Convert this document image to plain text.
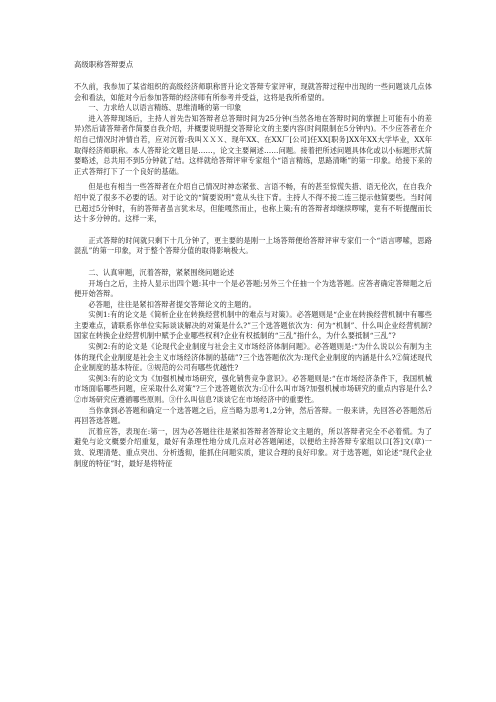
高级职称答辩要点

不久前，我参加了某省组织的高级经济师职称晋升论文答辩专家评审，现就答辩过程中出现的一些问题谈几点体会和看法，如能对今后参加答辩的经济师有所参考并受益，这将是我所希望的。

一、力求给人以语言精练、思维清晰的第一印象

进入答辩现场后，主持人首先告知答辩者总答辩时间为25分钟(当然各地在答辩时间的掌握上可能有小的差异)然后请答辩者作简要自我介绍，并概要说明提交答辩论文的主要内容(时间限制在5分钟内)。不少应答者在介绍自己情况时冲情自若，应对沉着:我叫ＸＸＸ、现年XX、在XX厂[公司]任ⅩⅩ[职务]ⅩⅩ年XX大学毕业，XX年取得经济师职称。本人答辩论文题目是……，论文主要阐述……问题。接着把所述问题具体化或以小标题形式简要略述，总共用不到5分钟就了结。这样就给答辩评审专家组个“语言精练，思路清晰”的第一印象。给接下来的正式答辩打下了一个良好的基础。

但是也有相当一些答辩者在介绍自己情况时神态紧张、言语不畅，有的甚至惊慌失措、语无伦次，在自我介绍中说了很多不必要的话。对于论文的“简要说明”竟从头往下背。主持人不得不接二连三提示他简要些。当时间已超过5分钟时，有的答辩者虽言犹未尽，但能嘎然而止，也称上策;有的答辩者却继续啰嗦，竟有不听提醒而长达十多分钟的。这样一来，

正式答辩的时间就只剩下十几分钟了，更主要的是刚一上场答辩便给答辩评审专家们一个“语言啰嗦，思路混乱”的第一印象，对于整个答辩分值的取得影响极大。

二、认真审题，沉着答辩，紧紧围绕问题论述

开场白之后，主持人显示出四个题:其中一个是必答题;另外三个任抽一个为选答题。应答者确定答辩题之后便开始答辩。

必答题，往往是紧扣答辩者提交答辩论文的主题的。

实例1:有的论文是《简析企业在转换经营机制中的难点与对策》。必答题则是“企业在转换经营机制中有哪些主要难点，请联系你单位实际谈谈解决的对策是什么?”三个选答题依次为：何为“机制”、什么叫企业经营机制?国家在转换企业经营机制中赋予企业哪些权利?企业有权抵制的“三乱”指什么，为什么要抵制“三乱”?

实例2:有的论文是《论现代企业制度与社会主义市场经济体制问题》。必答题则是:“为什么说以公有制为主体的现代企业制度是社会主义市场经济体制的基础”?三个选答题依次为:现代企业制度的内涵是什么?②简述现代企业制度的基本特征。③规范的公司有哪些优越性?

实例3:有的论文为《加强机械市场研究，强化销售竞争意识》。必答题则是:“在市场经济条件下，我国机械市场面临哪些问题，应采取什么对策”?三个选答题依次为:①什么叫市场?加强机械市场研究的重点内容是什么?②市场研究应遵循哪些原则。③什么叫信息?谈谈它在市场经济中的重要性。

当你拿到必答题和确定一个选答题之后，应当略为思考1,2分钟，然后答辩。一般来讲，先回答必答题然后再回答选答题。

沉着应答，表现在:第一，因为必答题往往是紧扣答辩者答辩论文主题的，所以答辩者完全不必着慌。为了避免与论文概要介绍重复，最好有条理性地分成几点对必答题阐述，以便给主持答辩专家组以口[答]文(章)一致、说理清楚、重点突出、分析透彻，能抓住问题实质，建议合理的良好印象。对于选答题，如论述“现代企业制度的特征”时，最好是将特征
